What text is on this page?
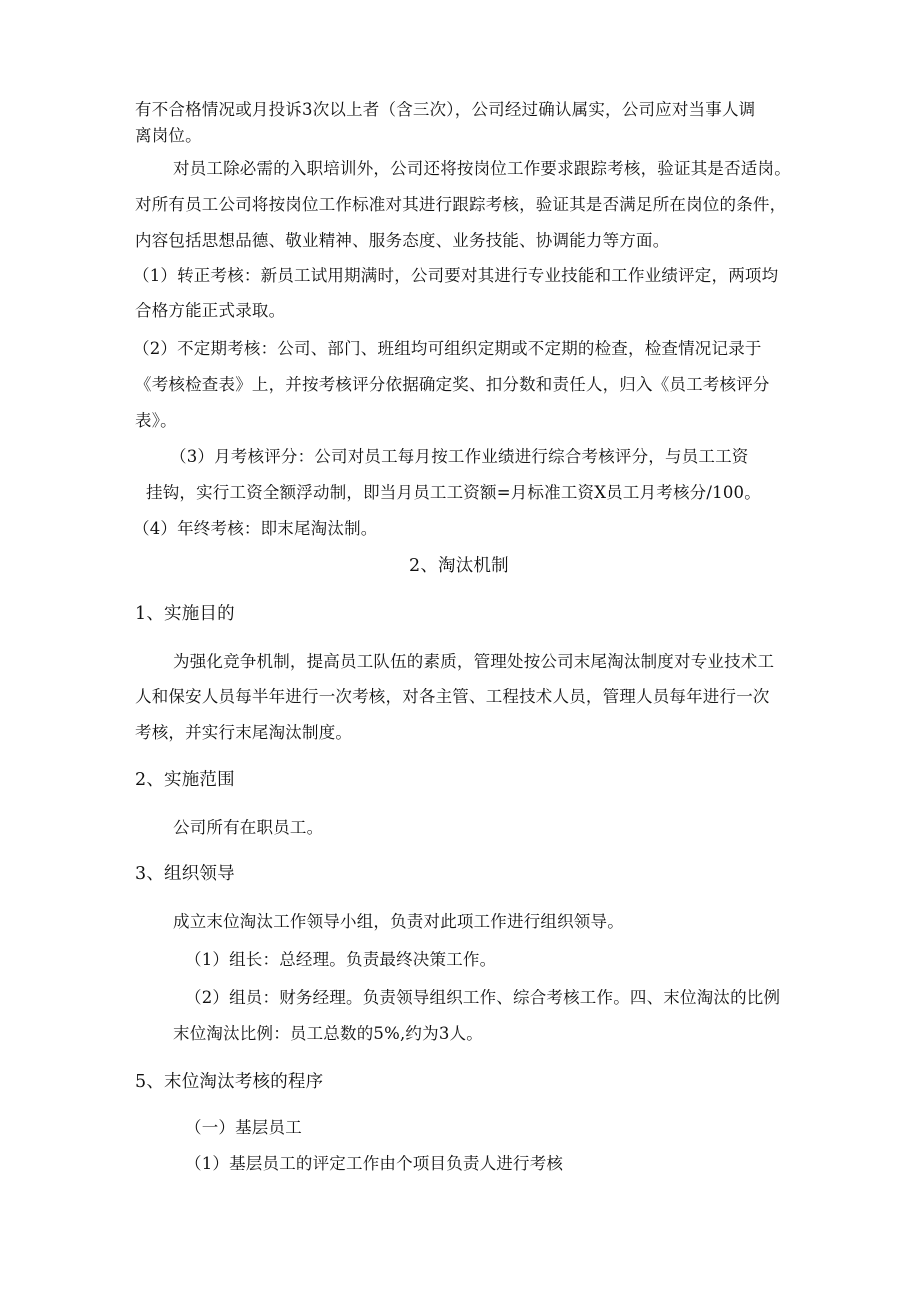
有不合格情况或月投诉3次以上者（含三次），公司经过确认属实，公司应对当事人调
离岗位。
对员工除必需的入职培训外，公司还将按岗位工作要求跟踪考核，验证其是否适岗。
对所有员工公司将按岗位工作标准对其进行跟踪考核，验证其是否满足所在岗位的条件，
内容包括思想品德、敬业精神、服务态度、业务技能、协调能力等方面。
（1）转正考核：新员工试用期满时，公司要对其进行专业技能和工作业绩评定，两项均
合格方能正式录取。
（2）不定期考核：公司、部门、班组均可组织定期或不定期的检查，检查情况记录于
《考核检查表》上，并按考核评分依据确定奖、扣分数和责任人，归入《员工考核评分
表》。
（3）月考核评分：公司对员工每月按工作业绩进行综合考核评分，与员工工资
挂钩，实行工资全额浮动制，即当月员工工资额=月标准工资X员工月考核分/100。
（4）年终考核：即末尾淘汰制。
2、淘汰机制
1、实施目的
为强化竞争机制，提高员工队伍的素质，管理处按公司末尾淘汰制度对专业技术工
人和保安人员每半年进行一次考核，对各主管、工程技术人员，管理人员每年进行一次
考核，并实行末尾淘汰制度。
2、实施范围
公司所有在职员工。
3、组织领导
成立末位淘汰工作领导小组，负责对此项工作进行组织领导。
（1）组长：总经理。负责最终决策工作。
（2）组员：财务经理。负责领导组织工作、综合考核工作。四、末位淘汰的比例
末位淘汰比例：员工总数的5%,约为3人。
5、末位淘汰考核的程序
（一）基层员工
（1）基层员工的评定工作由个项目负责人进行考核
